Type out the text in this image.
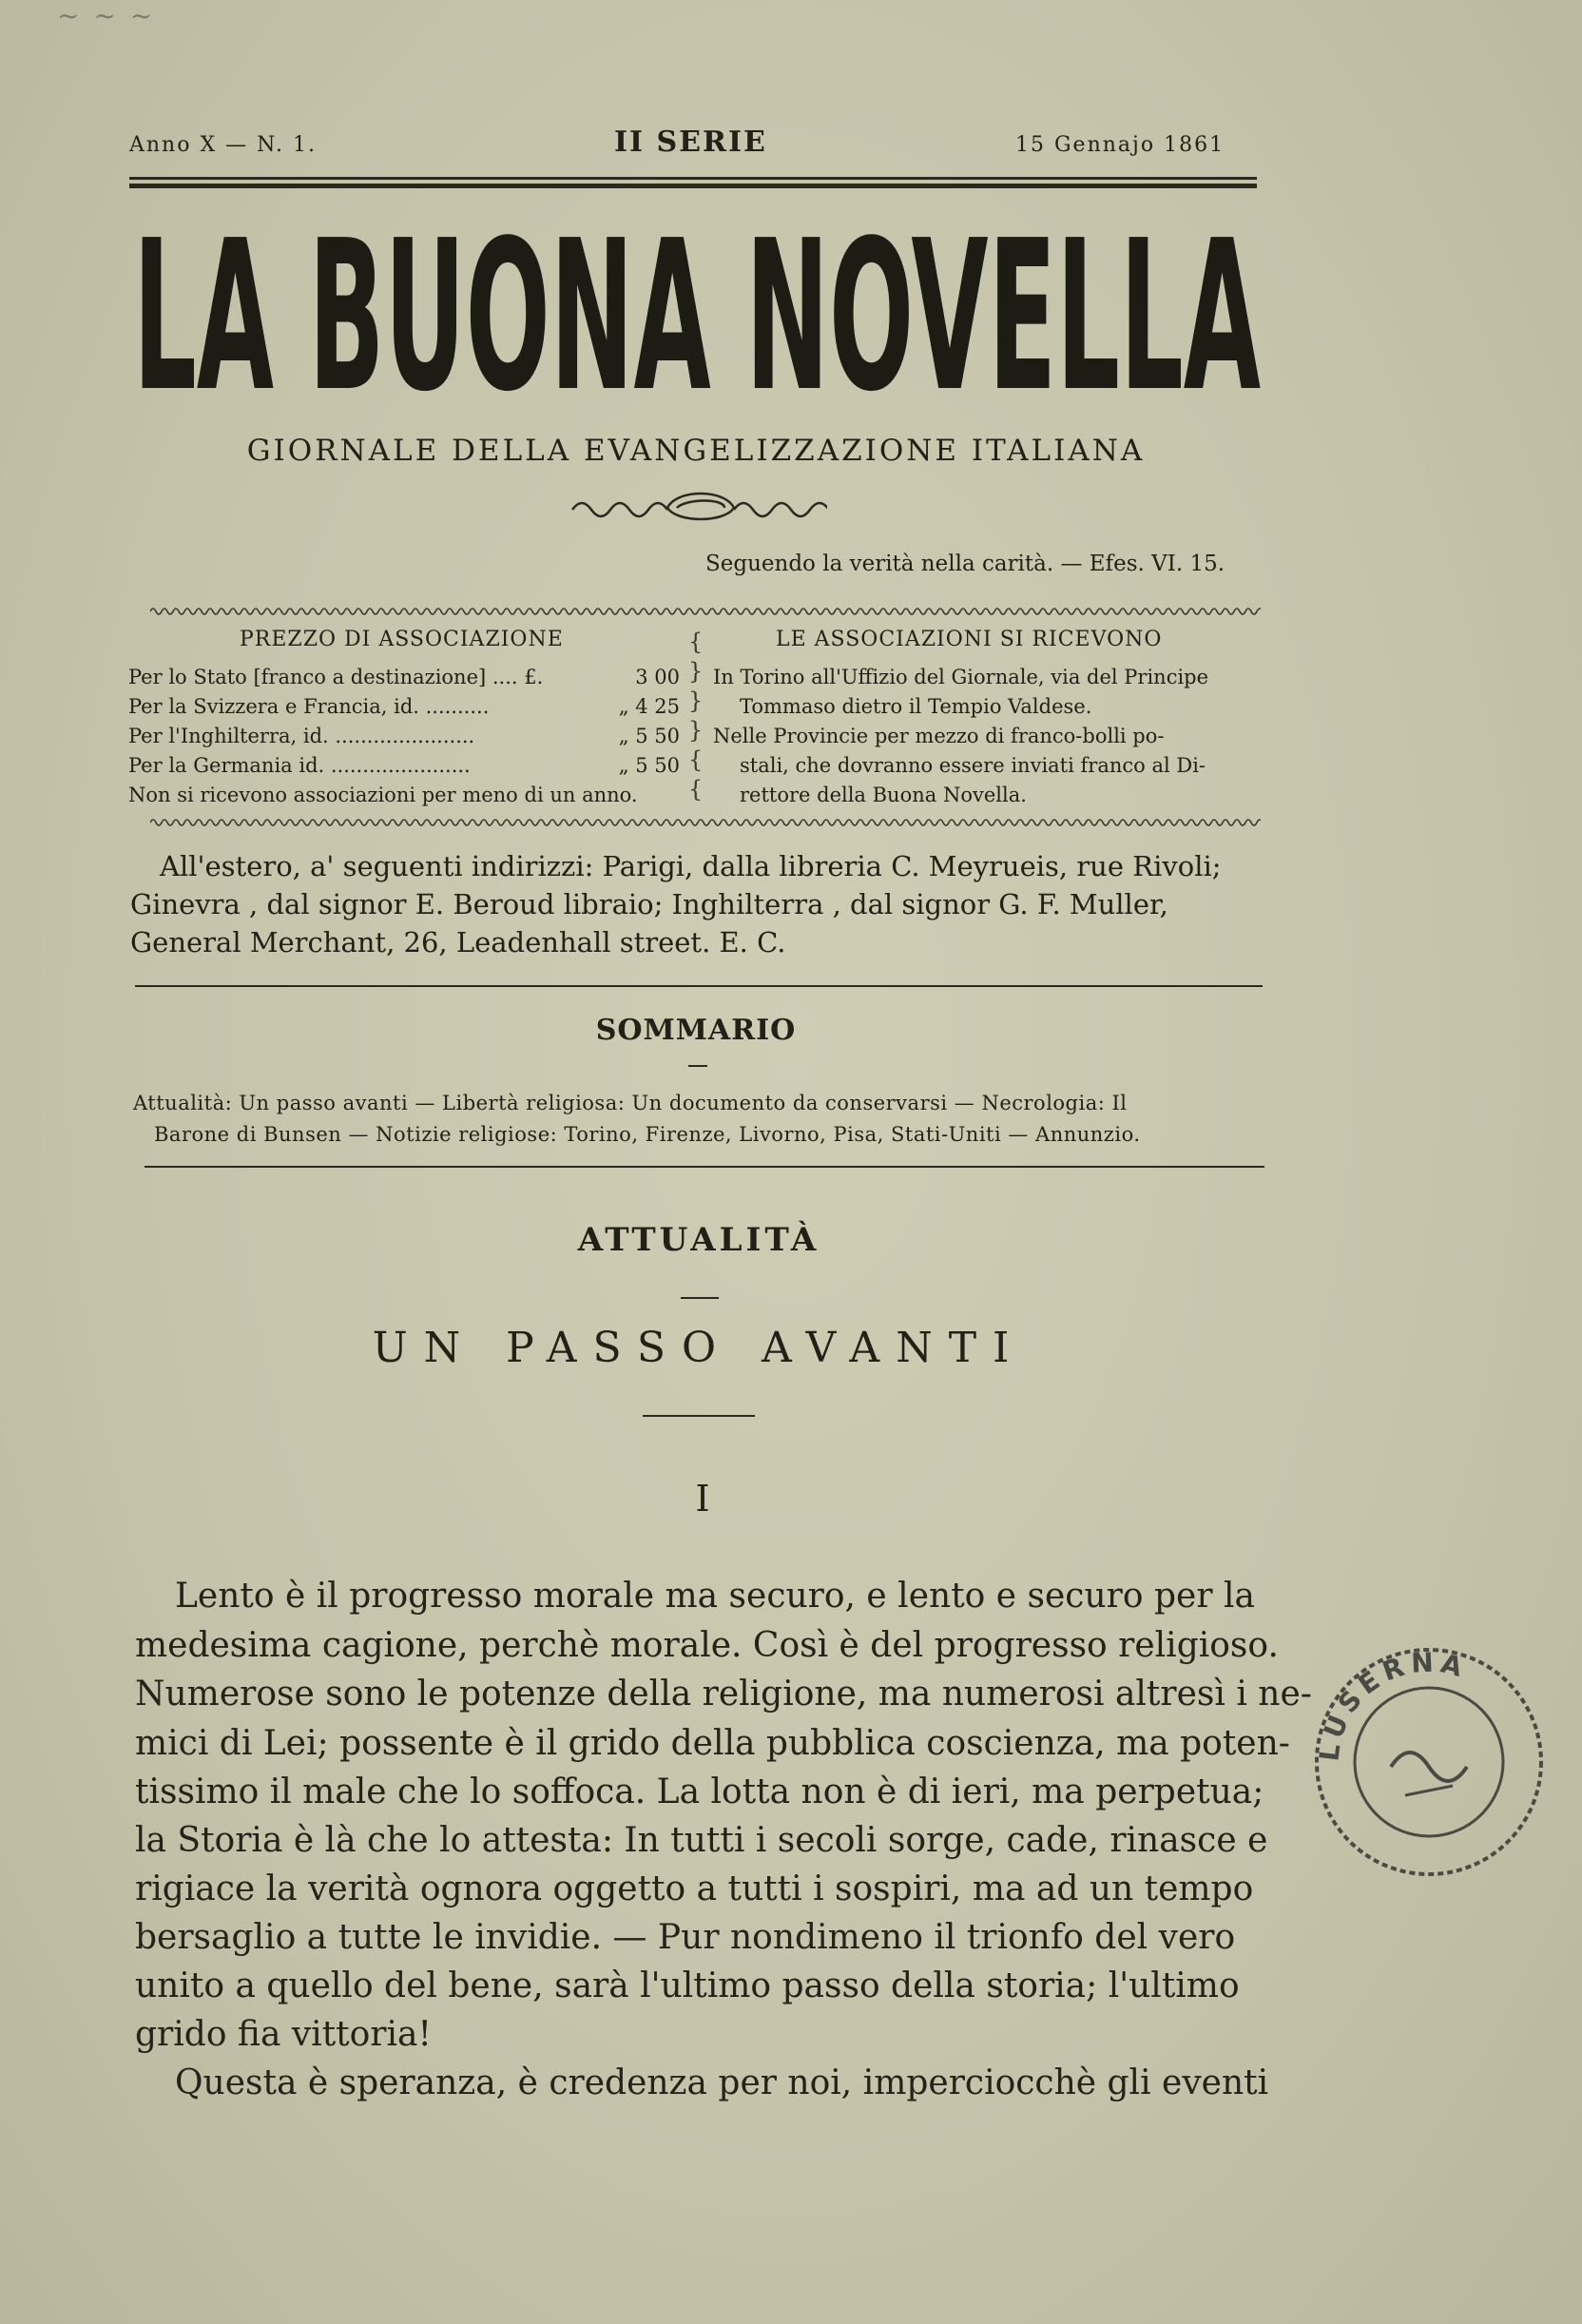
~ ~ ~
Anno X — N. 1.	II SERIE	15 Gennajo 1861
LA BUONA NOVELLA
GIORNALE DELLA EVANGELIZZAZIONE ITALIANA
Seguendo la verità nella carità. — Efes. VI. 15.
PREZZO DI ASSOCIAZIONE
Per lo Stato [franco a destinazione] .... £.	3 00
Per la Svizzera e Francia, id. ..........	„ 4 25
Per l'Inghilterra, id. ......................	„ 5 50
Per la Germania id. ......................	„ 5 50
Non si ricevono associazioni per meno di un anno.
{
}
}
}
{
{
LE ASSOCIAZIONI SI RICEVONO
In Torino all'Uffizio del Giornale, via del Principe
Tommaso dietro il Tempio Valdese.
Nelle Provincie per mezzo di franco-bolli po-
stali, che dovranno essere inviati franco al Di-
rettore della Buona Novella.
All'estero, a' seguenti indirizzi: Parigi, dalla libreria C. Meyrueis, rue Rivoli;
Ginevra , dal signor E. Beroud libraio; Inghilterra , dal signor G. F. Muller,
General Merchant, 26, Leadenhall street. E. C.
SOMMARIO
Attualità: Un passo avanti — Libertà religiosa: Un documento da conservarsi — Necrologia: Il
Barone di Bunsen — Notizie religiose: Torino, Firenze, Livorno, Pisa, Stati-Uniti — Annunzio.
ATTUALITÀ
UN PASSO AVANTI
I
Lento è il progresso morale ma securo, e lento e securo per la
medesima cagione, perchè morale. Così è del progresso religioso.
Numerose sono le potenze della religione, ma numerosi altresì i ne-
mici di Lei; possente è il grido della pubblica coscienza, ma poten-
tissimo il male che lo soffoca. La lotta non è di ieri, ma perpetua;
la Storia è là che lo attesta: In tutti i secoli sorge, cade, rinasce e
rigiace la verità ognora oggetto a tutti i sospiri, ma ad un tempo
bersaglio a tutte le invidie. — Pur nondimeno il trionfo del vero
unito a quello del bene, sarà l'ultimo passo della storia; l'ultimo
grido fia vittoria!
Questa è speranza, è credenza per noi, imperciocchè gli eventi
LUSERNA
